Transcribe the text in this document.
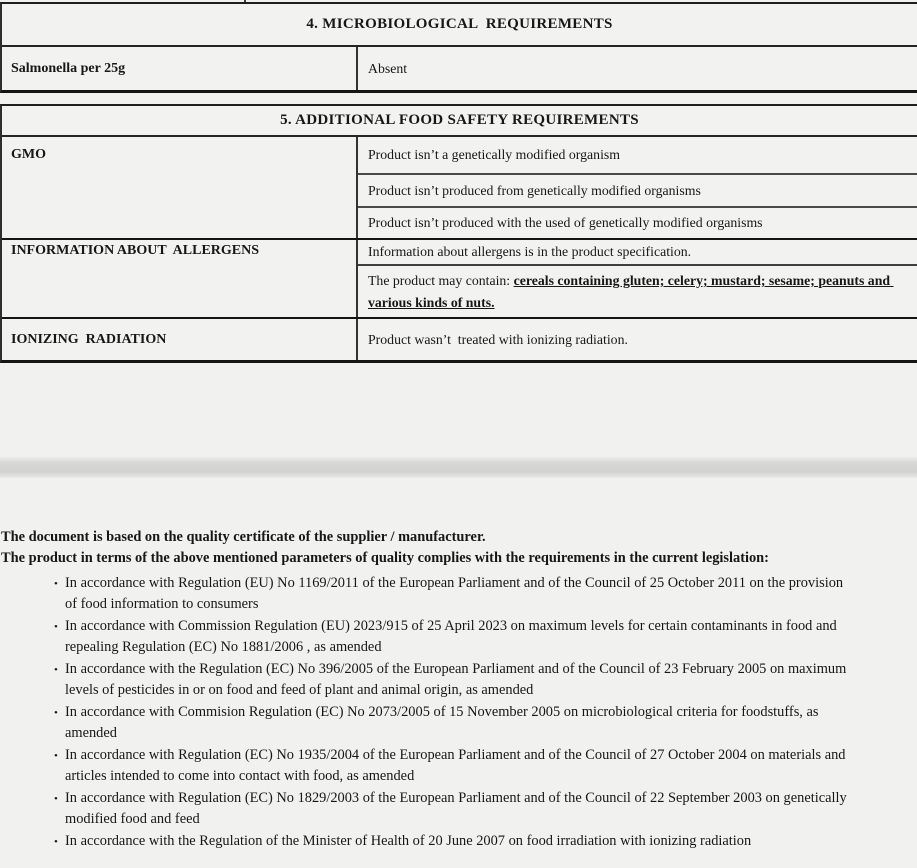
4. MICROBIOLOGICAL  REQUIREMENTS
Salmonella per 25g	Absent
5. ADDITIONAL FOOD SAFETY REQUIREMENTS
GMO	Product isn’t a genetically modified organism
Product isn’t produced from genetically modified organisms
Product isn’t produced with the used of genetically modified organisms
INFORMATION ABOUT  ALLERGENS	Information about allergens is in the product specification.
The product may contain: cereals containing gluten; celery; mustard; sesame; peanuts and various kinds of nuts.
IONIZING  RADIATION	Product wasn’t  treated with ionizing radiation.

The document is based on the quality certificate of the supplier / manufacturer.

The product in terms of the above mentioned parameters of quality complies with the requirements in the current legislation:

• In accordance with Regulation (EU) No 1169/2011 of the European Parliament and of the Council of 25 October 2011 on the provision
of food information to consumers
• In accordance with Commission Regulation (EU) 2023/915 of 25 April 2023 on maximum levels for certain contaminants in food and
repealing Regulation (EC) No 1881/2006 , as amended
• In accordance with the Regulation (EC) No 396/2005 of the European Parliament and of the Council of 23 February 2005 on maximum
levels of pesticides in or on food and feed of plant and animal origin, as amended
• In accordance with Commision Regulation (EC) No 2073/2005 of 15 November 2005 on microbiological criteria for foodstuffs, as
amended
• In accordance with Regulation (EC) No 1935/2004 of the European Parliament and of the Council of 27 October 2004 on materials and
articles intended to come into contact with food, as amended
• In accordance with Regulation (EC) No 1829/2003 of the European Parliament and of the Council of 22 September 2003 on genetically
modified food and feed
• In accordance with the Regulation of the Minister of Health of 20 June 2007 on food irradiation with ionizing radiation
